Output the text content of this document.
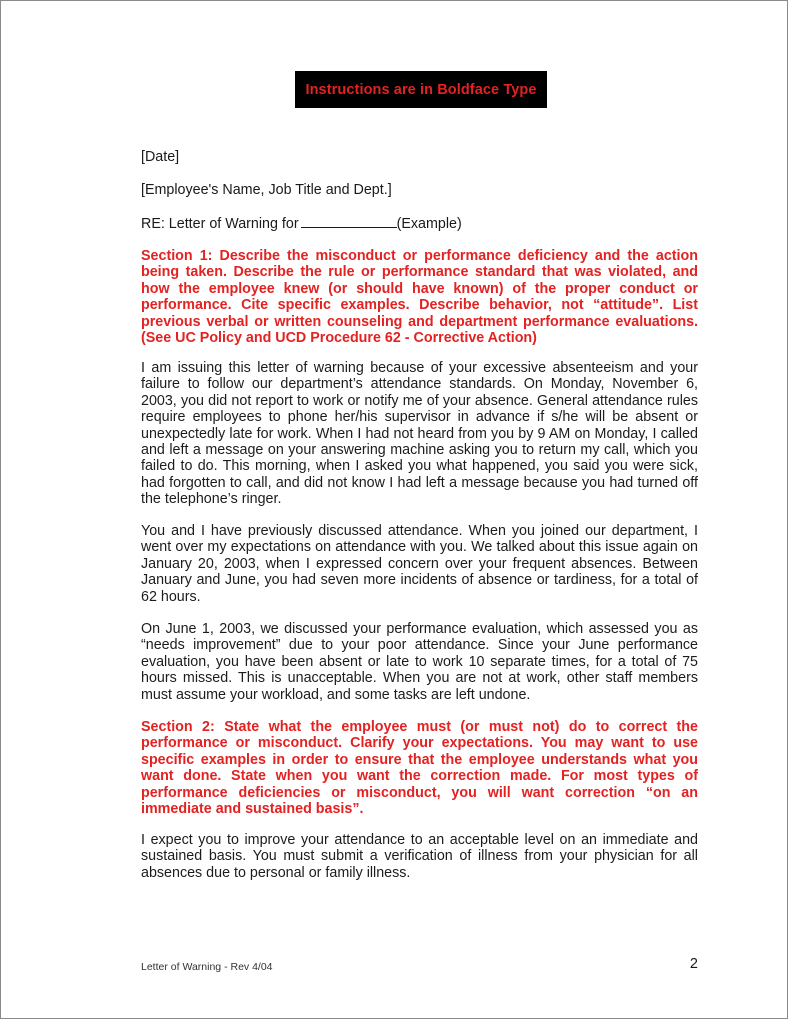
Instructions are in Boldface Type
[Date]
[Employee's Name, Job Title and Dept.]
RE: Letter of Warning for	(Example)
Section 1: Describe the misconduct or performance deficiency and the action being taken. Describe the rule or performance standard that was violated, and how the employee knew (or should have known) of the proper conduct or performance. Cite specific examples. Describe behavior, not “attitude”. List previous verbal or written counseling and department performance evaluations. (See UC Policy and UCD Procedure 62 - Corrective Action)
I am issuing this letter of warning because of your excessive absenteeism and your failure to follow our department’s attendance standards. On Monday, November 6, 2003, you did not report to work or notify me of your absence. General attendance rules require employees to phone her/his supervisor in advance if s/he will be absent or unexpectedly late for work. When I had not heard from you by 9 AM on Monday, I called and left a message on your answering machine asking you to return my call, which you failed to do. This morning, when I asked you what happened, you said you were sick, had forgotten to call, and did not know I had left a message because you had turned off the telephone’s ringer.
You and I have previously discussed attendance. When you joined our department, I went over my expectations on attendance with you. We talked about this issue again on January 20, 2003, when I expressed concern over your frequent absences. Between January and June, you had seven more incidents of absence or tardiness, for a total of 62 hours.
On June 1, 2003, we discussed your performance evaluation, which assessed you as “needs improvement” due to your poor attendance. Since your June performance evaluation, you have been absent or late to work 10 separate times, for a total of 75 hours missed. This is unacceptable. When you are not at work, other staff members must assume your workload, and some tasks are left undone.
Section 2: State what the employee must (or must not) do to correct the performance or misconduct. Clarify your expectations. You may want to use specific examples in order to ensure that the employee understands what you want done. State when you want the correction made. For most types of performance deficiencies or misconduct, you will want correction “on an immediate and sustained basis”.
I expect you to improve your attendance to an acceptable level on an immediate and sustained basis. You must submit a verification of illness from your physician for all absences due to personal or family illness.
Letter of Warning - Rev 4/04	2
